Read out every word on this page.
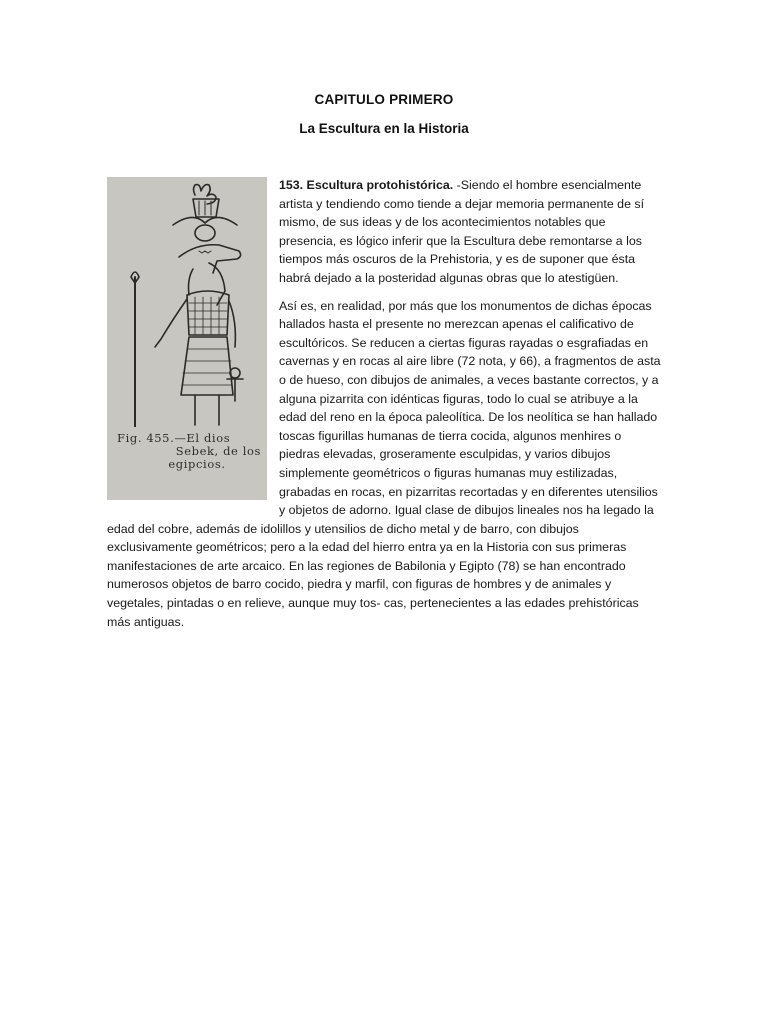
CAPITULO PRIMERO
La Escultura en la Historia
Fig. 455.—El dios
Sebek, de los
egipcios.

153. Escultura protohistórica. -Siendo el hombre esencialmente artista y tendiendo como tiende a dejar memoria permanente de sí mismo, de sus ideas y de los acontecimientos notables que presencia, es lógico inferir que la Escultura debe remontarse a los tiempos más oscuros de la Prehistoria, y es de suponer que ésta habrá dejado a la posteridad algunas obras que lo atestigüen.

Así es, en realidad, por más que los monumentos de dichas épocas hallados hasta el presente no merezcan apenas el calificativo de escultóricos. Se reducen a ciertas figuras rayadas o esgrafiadas en cavernas y en rocas al aire libre (72 nota, y 66), a fragmentos de asta o de hueso, con dibujos de animales, a veces bastante correctos, y a alguna pizarrita con idénticas figuras, todo lo cual se atribuye a la edad del reno en la época paleolítica. De los neolítica se han hallado toscas figurillas humanas de tierra cocida, algunos menhires o piedras elevadas, groseramente esculpidas, y varios dibujos simplemente geométricos o figuras humanas muy estilizadas, grabadas en rocas, en pizarritas recortadas y en diferentes utensilios y objetos de adorno. Igual clase de dibujos lineales nos ha legado la edad del cobre, además de idolillos y utensilios de dicho metal y de barro, con dibujos exclusivamente geométricos; pero a la edad del hierro entra ya en la Historia con sus primeras manifestaciones de arte arcaico. En las regiones de Babilonia y Egipto (78) se han encontrado numerosos objetos de barro cocido, piedra y marfil, con figuras de hombres y de animales y vegetales, pintadas o en relieve, aunque muy tos- cas, pertenecientes a las edades prehistóricas más antiguas.
